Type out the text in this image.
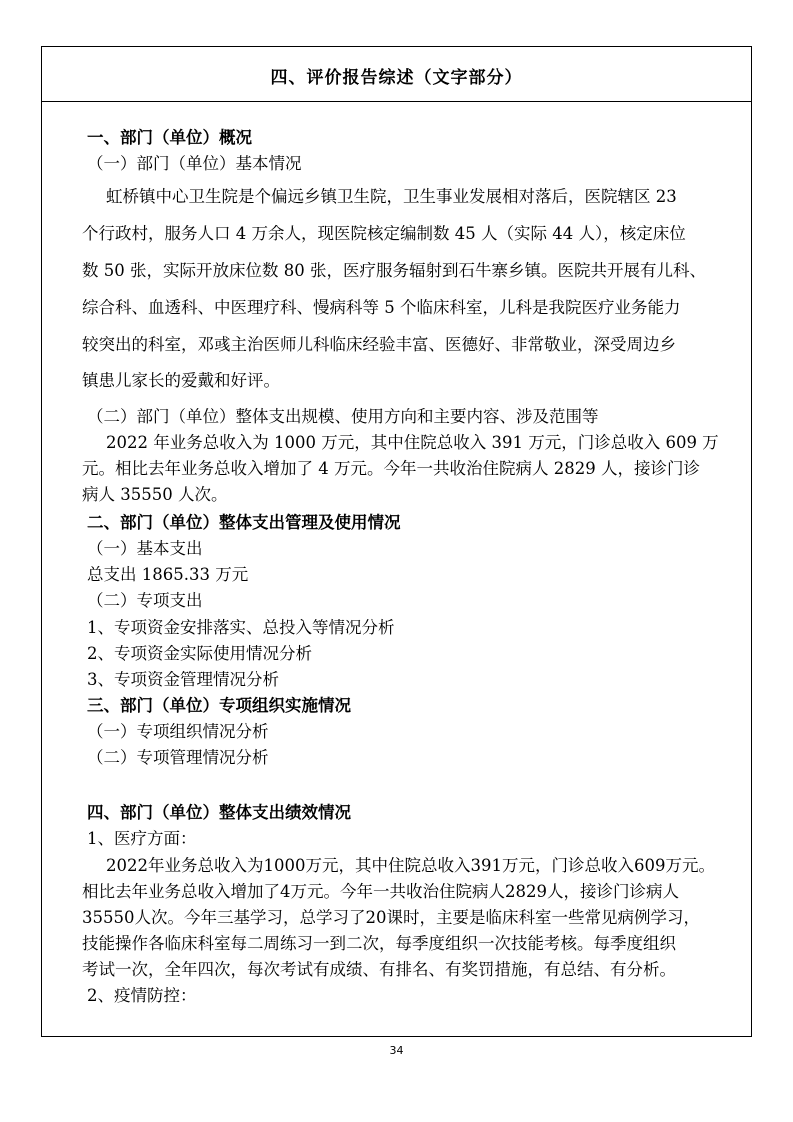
四、评价报告综述（文字部分）
一、部门（单位）概况
（一）部门（单位）基本情况
虹桥镇中心卫生院是个偏远乡镇卫生院，卫生事业发展相对落后，医院辖区 23
个行政村，服务人口 4 万余人，现医院核定编制数 45 人（实际 44 人），核定床位
数 50 张，实际开放床位数 80 张，医疗服务辐射到石牛寨乡镇。医院共开展有儿科、
综合科、血透科、中医理疗科、慢病科等 5 个临床科室，儿科是我院医疗业务能力
较突出的科室，邓彧主治医师儿科临床经验丰富、医德好、非常敬业，深受周边乡
镇患儿家长的爱戴和好评。
（二）部门（单位）整体支出规模、使用方向和主要内容、涉及范围等
2022 年业务总收入为 1000 万元，其中住院总收入 391 万元，门诊总收入 609 万
元。相比去年业务总收入增加了 4 万元。今年一共收治住院病人 2829 人，接诊门诊
病人 35550 人次。
二、部门（单位）整体支出管理及使用情况
（一）基本支出
总支出 1865.33 万元
（二）专项支出
1、专项资金安排落实、总投入等情况分析
2、专项资金实际使用情况分析
3、专项资金管理情况分析
三、部门（单位）专项组织实施情况
（一）专项组织情况分析
（二）专项管理情况分析
四、部门（单位）整体支出绩效情况
1、医疗方面：
2022年业务总收入为1000万元，其中住院总收入391万元，门诊总收入609万元。
相比去年业务总收入增加了4万元。今年一共收治住院病人2829人，接诊门诊病人
35550人次。今年三基学习，总学习了20课时，主要是临床科室一些常见病例学习，
技能操作各临床科室每二周练习一到二次，每季度组织一次技能考核。每季度组织
考试一次，全年四次，每次考试有成绩、有排名、有奖罚措施，有总结、有分析。
2、疫情防控：
34
